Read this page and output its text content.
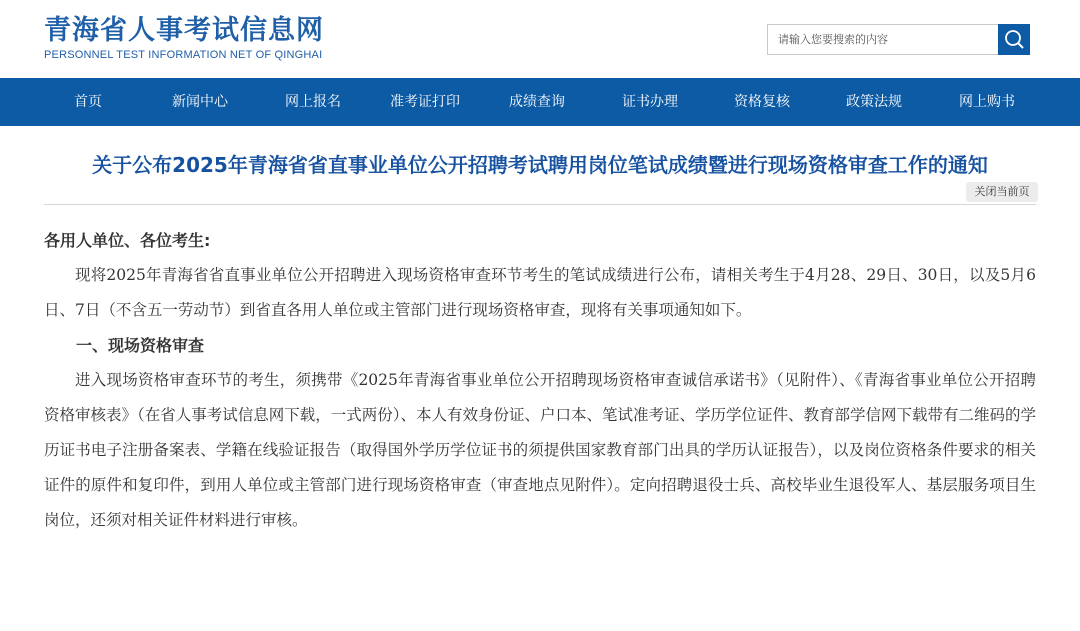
青海省人事考试信息网
PERSONNEL TEST INFORMATION NET OF QINGHAI
请输入您要搜索的内容
首页	新闻中心	网上报名	准考证打印	成绩查询	证书办理	资格复核	政策法规	网上购书
关于公布2025年青海省省直事业单位公开招聘考试聘用岗位笔试成绩暨进行现场资格审查工作的通知
关闭当前页
各用人单位、各位考生:

现将2025年青海省省直事业单位公开招聘进入现场资格审查环节考生的笔试成绩进行公布，请相关考生于4月28、29日、30日，以及5月6日、7日（不含五一劳动节）到省直各用人单位或主管部门进行现场资格审查，现将有关事项通知如下。

一、现场资格审查

进入现场资格审查环节的考生，须携带《2025年青海省事业单位公开招聘现场资格审查诚信承诺书》（见附件）、《青海省事业单位公开招聘资格审核表》（在省人事考试信息网下载，一式两份）、本人有效身份证、户口本、笔试准考证、学历学位证件、教育部学信网下载带有二维码的学历证书电子注册备案表、学籍在线验证报告（取得国外学历学位证书的须提供国家教育部门出具的学历认证报告），以及岗位资格条件要求的相关证件的原件和复印件，到用人单位或主管部门进行现场资格审查（审查地点见附件）。定向招聘退役士兵、高校毕业生退役军人、基层服务项目生岗位，还须对相关证件材料进行审核。
